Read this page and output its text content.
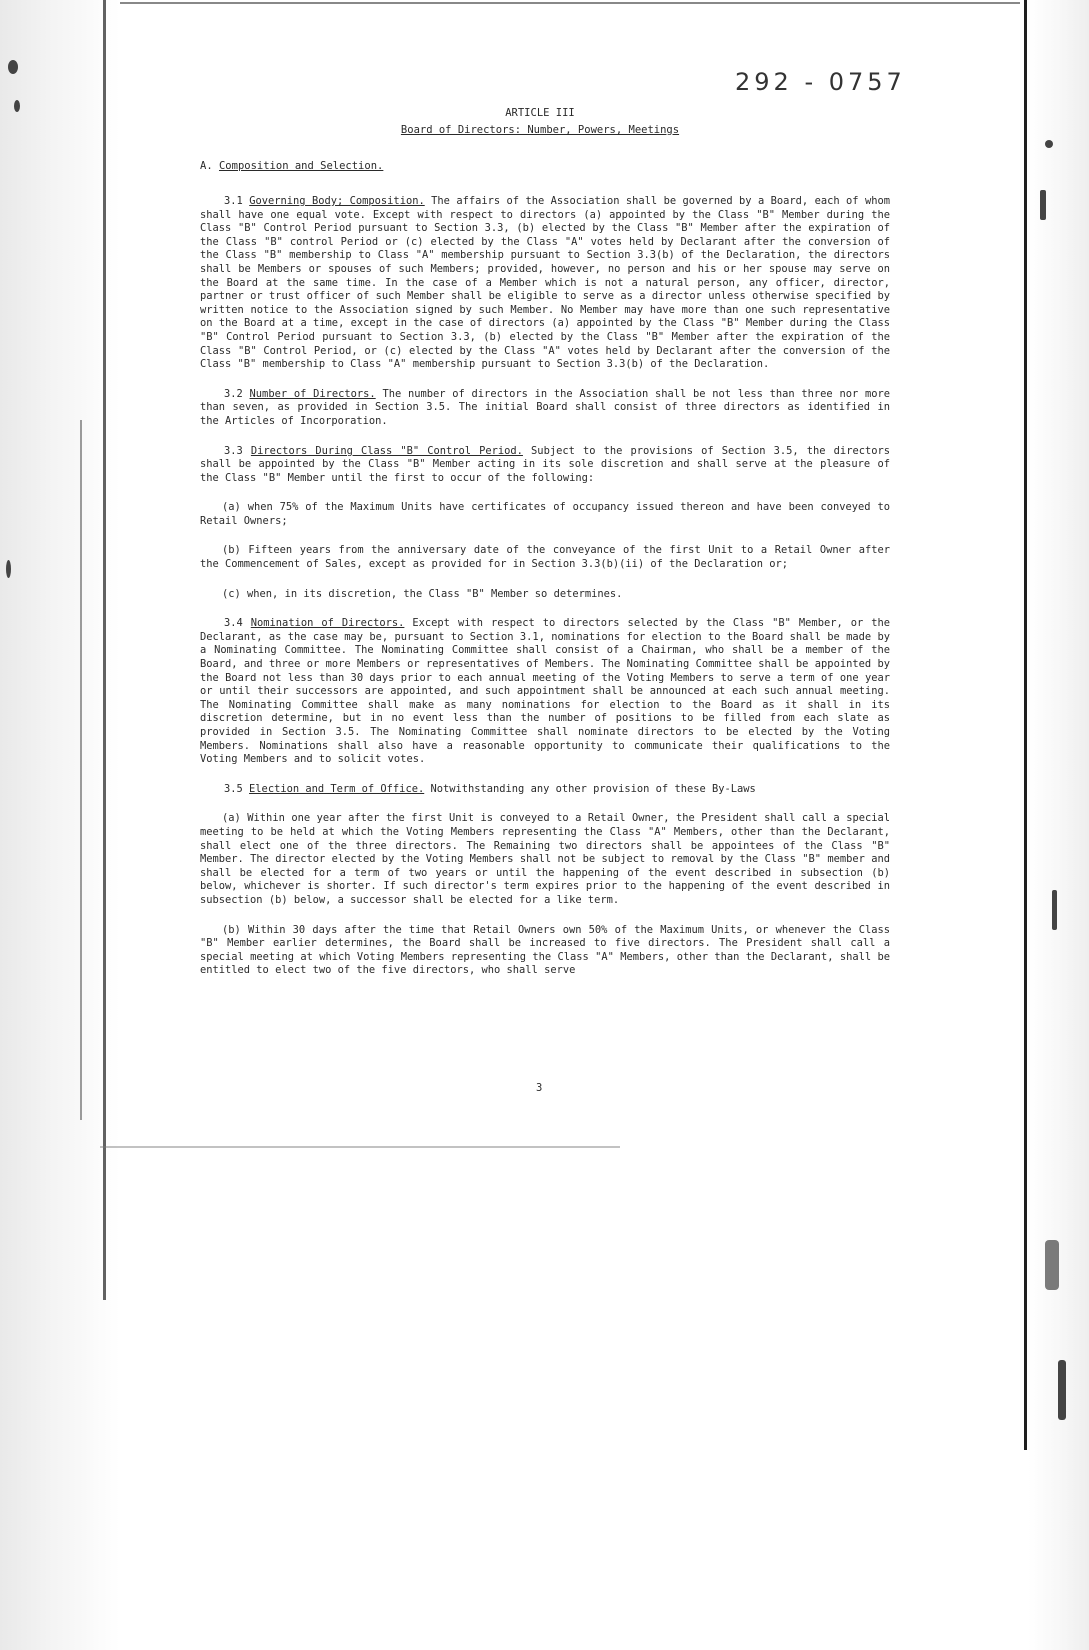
292 - 0757
ARTICLE III
Board of Directors: Number, Powers, Meetings
A. Composition and Selection.

3.1 Governing Body; Composition. The affairs of the Association shall be governed by a Board, each of whom shall have one equal vote. Except with respect to directors (a) appointed by the Class "B" Member during the Class "B" Control Period pursuant to Section 3.3, (b) elected by the Class "B" Member after the expiration of the Class "B" control Period or (c) elected by the Class "A" votes held by Declarant after the conversion of the Class "B" membership to Class "A" membership pursuant to Section 3.3(b) of the Declaration, the directors shall be Members or spouses of such Members; provided, however, no person and his or her spouse may serve on the Board at the same time. In the case of a Member which is not a natural person, any officer, director, partner or trust officer of such Member shall be eligible to serve as a director unless otherwise specified by written notice to the Association signed by such Member. No Member may have more than one such representative on the Board at a time, except in the case of directors (a) appointed by the Class "B" Member during the Class "B" Control Period pursuant to Section 3.3, (b) elected by the Class "B" Member after the expiration of the Class "B" Control Period, or (c) elected by the Class "A" votes held by Declarant after the conversion of the Class "B" membership to Class "A" membership pursuant to Section 3.3(b) of the Declaration.

3.2 Number of Directors. The number of directors in the Association shall be not less than three nor more than seven, as provided in Section 3.5. The initial Board shall consist of three directors as identified in the Articles of Incorporation.

3.3 Directors During Class "B" Control Period. Subject to the provisions of Section 3.5, the directors shall be appointed by the Class "B" Member acting in its sole discretion and shall serve at the pleasure of the Class "B" Member until the first to occur of the following:

(a) when 75% of the Maximum Units have certificates of occupancy issued thereon and have been conveyed to Retail Owners;

(b) Fifteen years from the anniversary date of the conveyance of the first Unit to a Retail Owner after the Commencement of Sales, except as provided for in Section 3.3(b)(ii) of the Declaration or;

(c) when, in its discretion, the Class "B" Member so determines.

3.4 Nomination of Directors. Except with respect to directors selected by the Class "B" Member, or the Declarant, as the case may be, pursuant to Section 3.1, nominations for election to the Board shall be made by a Nominating Committee. The Nominating Committee shall consist of a Chairman, who shall be a member of the Board, and three or more Members or representatives of Members. The Nominating Committee shall be appointed by the Board not less than 30 days prior to each annual meeting of the Voting Members to serve a term of one year or until their successors are appointed, and such appointment shall be announced at each such annual meeting. The Nominating Committee shall make as many nominations for election to the Board as it shall in its discretion determine, but in no event less than the number of positions to be filled from each slate as provided in Section 3.5. The Nominating Committee shall nominate directors to be elected by the Voting Members. Nominations shall also have a reasonable opportunity to communicate their qualifications to the Voting Members and to solicit votes.

3.5 Election and Term of Office. Notwithstanding any other provision of these By-Laws

(a) Within one year after the first Unit is conveyed to a Retail Owner, the President shall call a special meeting to be held at which the Voting Members representing the Class "A" Members, other than the Declarant, shall elect one of the three directors. The Remaining two directors shall be appointees of the Class "B" Member. The director elected by the Voting Members shall not be subject to removal by the Class "B" member and shall be elected for a term of two years or until the happening of the event described in subsection (b) below, whichever is shorter. If such director's term expires prior to the happening of the event described in subsection (b) below, a successor shall be elected for a like term.

(b) Within 30 days after the time that Retail Owners own 50% of the Maximum Units, or whenever the Class "B" Member earlier determines, the Board shall be increased to five directors. The President shall call a special meeting at which Voting Members representing the Class "A" Members, other than the Declarant, shall be entitled to elect two of the five directors, who shall serve

3
